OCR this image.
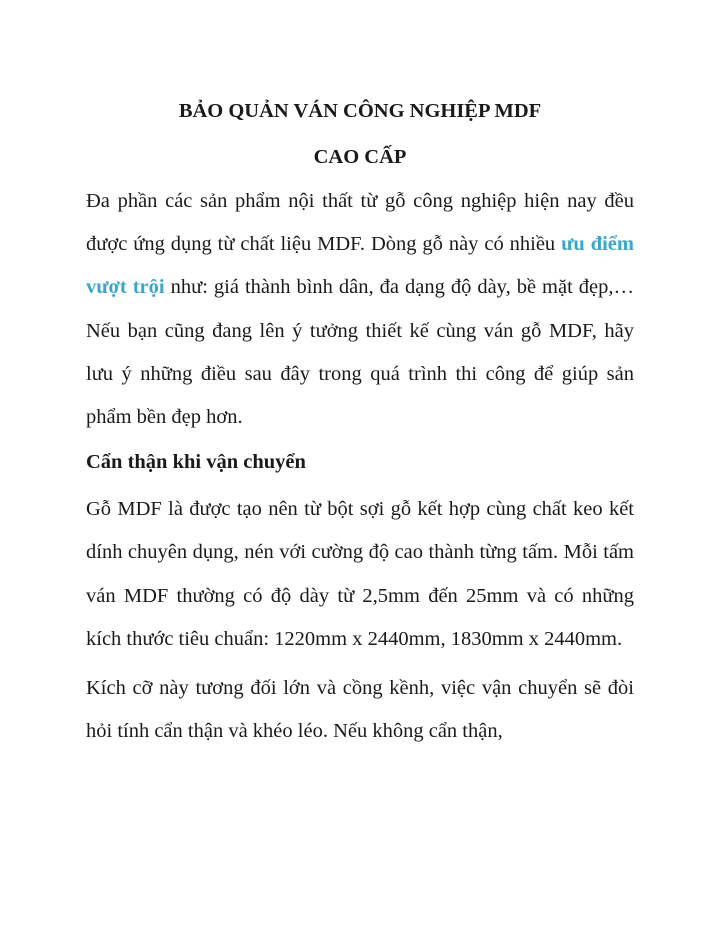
BẢO QUẢN VÁN CÔNG NGHIỆP MDF
CAO CẤP

Đa phần các sản phẩm nội thất từ gỗ công nghiệp hiện nay đều được ứng dụng từ chất liệu MDF. Dòng gỗ này có nhiều ưu điểm vượt trội như: giá thành bình dân, đa dạng độ dày, bề mặt đẹp,… Nếu bạn cũng đang lên ý tưởng thiết kế cùng ván gỗ MDF, hãy lưu ý những điều sau đây trong quá trình thi công để giúp sản phẩm bền đẹp hơn.

Cẩn thận khi vận chuyển

Gỗ MDF là được tạo nên từ bột sợi gỗ kết hợp cùng chất keo kết dính chuyên dụng, nén với cường độ cao thành từng tấm. Mỗi tấm ván MDF thường có độ dày từ 2,5mm đến 25mm và có những kích thước tiêu chuẩn: 1220mm x 2440mm, 1830mm x 2440mm.

Kích cỡ này tương đối lớn và cồng kềnh, việc vận chuyển sẽ đòi hỏi tính cẩn thận và khéo léo. Nếu không cẩn thận,
